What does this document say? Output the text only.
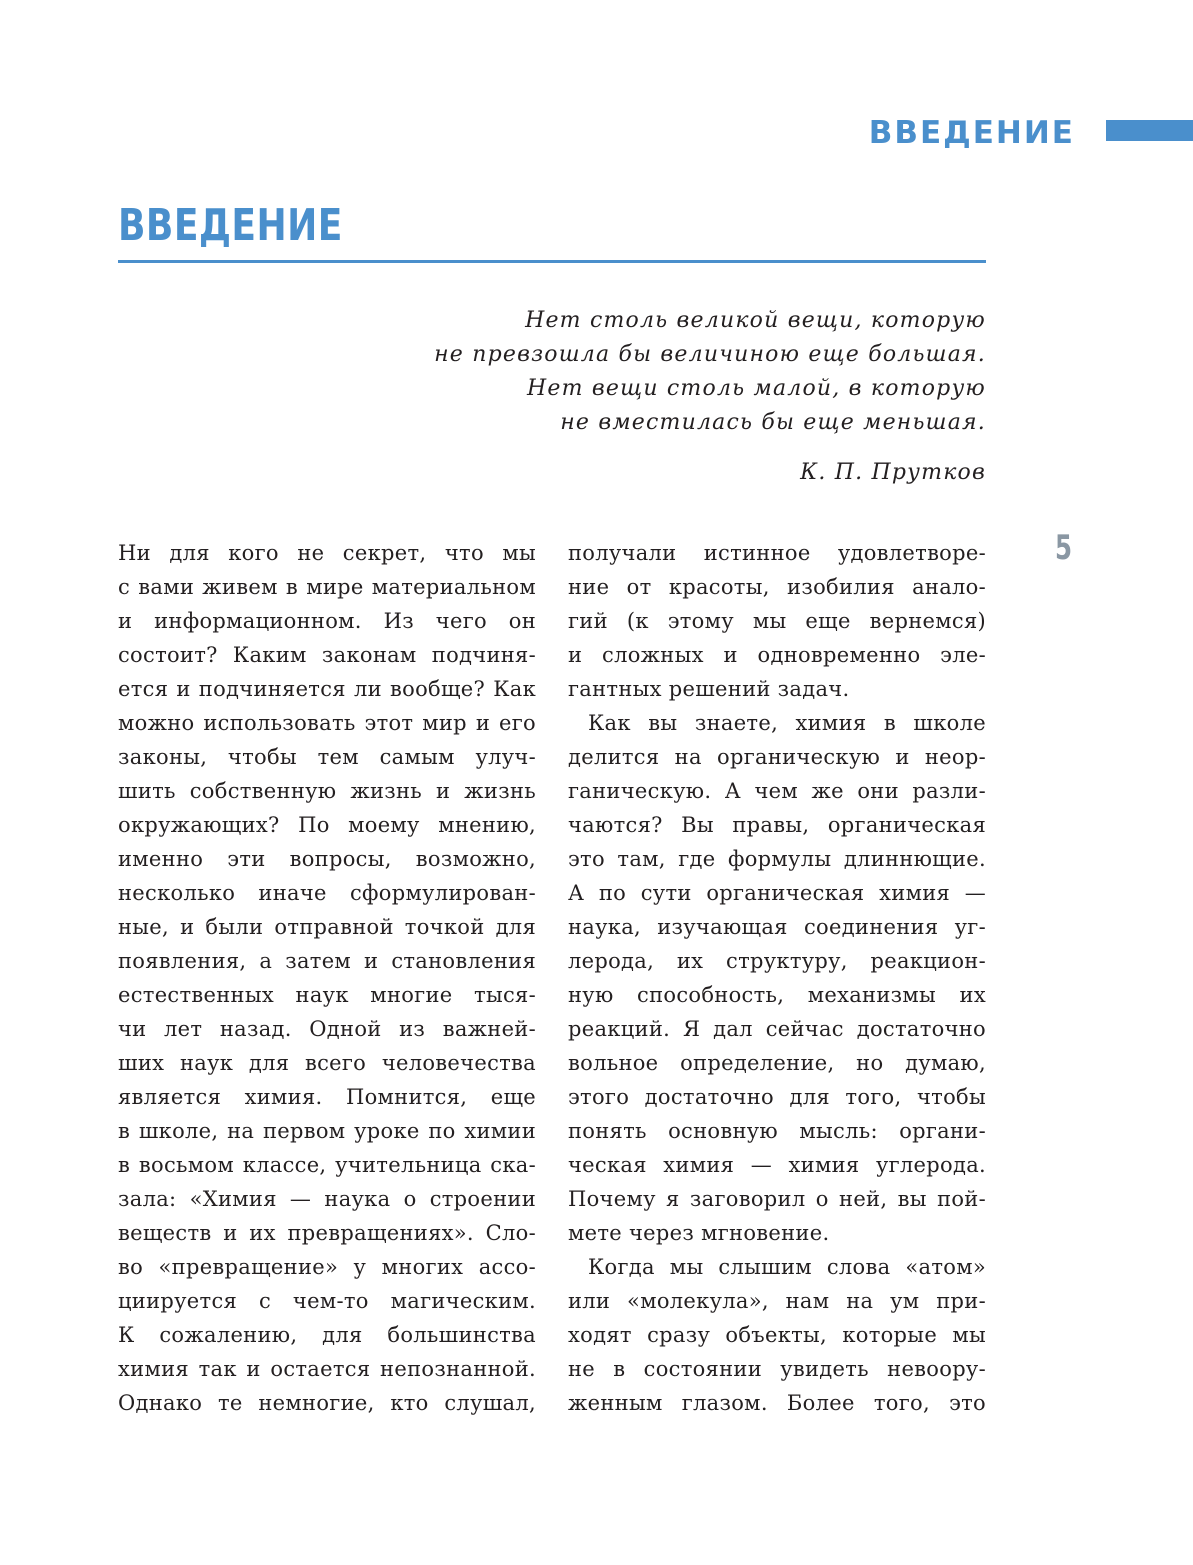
ВВЕДЕНИЕ
ВВЕДЕНИЕ
Нет столь великой вещи, которую
не превзошла бы величиною еще большая.
Нет вещи столь малой, в которую
не вместилась бы еще меньшая.
К. П. Прутков
5
Ни для кого не секрет, что мы
с вами живем в мире материальном
и информационном. Из чего он
состоит? Каким законам подчиня-
ется и подчиняется ли вообще? Как
можно использовать этот мир и его
законы, чтобы тем самым улуч-
шить собственную жизнь и жизнь
окружающих? По моему мнению,
именно эти вопросы, возможно,
несколько иначе сформулирован-
ные, и были отправной точкой для
появления, а затем и становления
естественных наук многие тыся-
чи лет назад. Одной из важней-
ших наук для всего человечества
является химия. Помнится, еще
в школе, на первом уроке по химии
в восьмом классе, учительница ска-
зала: «Химия — наука о строении
веществ и их превращениях». Сло-
во «превращение» у многих ассо-
циируется с чем-то магическим.
К сожалению, для большинства
химия так и остается непознанной.
Однако те немногие, кто слушал,
получали истинное удовлетворе-
ние от красоты, изобилия анало-
гий (к этому мы еще вернемся)
и сложных и одновременно эле-
гантных решений задач.
Как вы знаете, химия в школе
делится на органическую и неор-
ганическую. А чем же они разли-
чаются? Вы правы, органическая
это там, где формулы длиннющие.
А по сути органическая химия —
наука, изучающая соединения уг-
лерода, их структуру, реакцион-
ную способность, механизмы их
реакций. Я дал сейчас достаточно
вольное определение, но думаю,
этого достаточно для того, чтобы
понять основную мысль: органи-
ческая химия — химия углерода.
Почему я заговорил о ней, вы пой-
мете через мгновение.
Когда мы слышим слова «атом»
или «молекула», нам на ум при-
ходят сразу объекты, которые мы
не в состоянии увидеть невоору-
женным глазом. Более того, это
